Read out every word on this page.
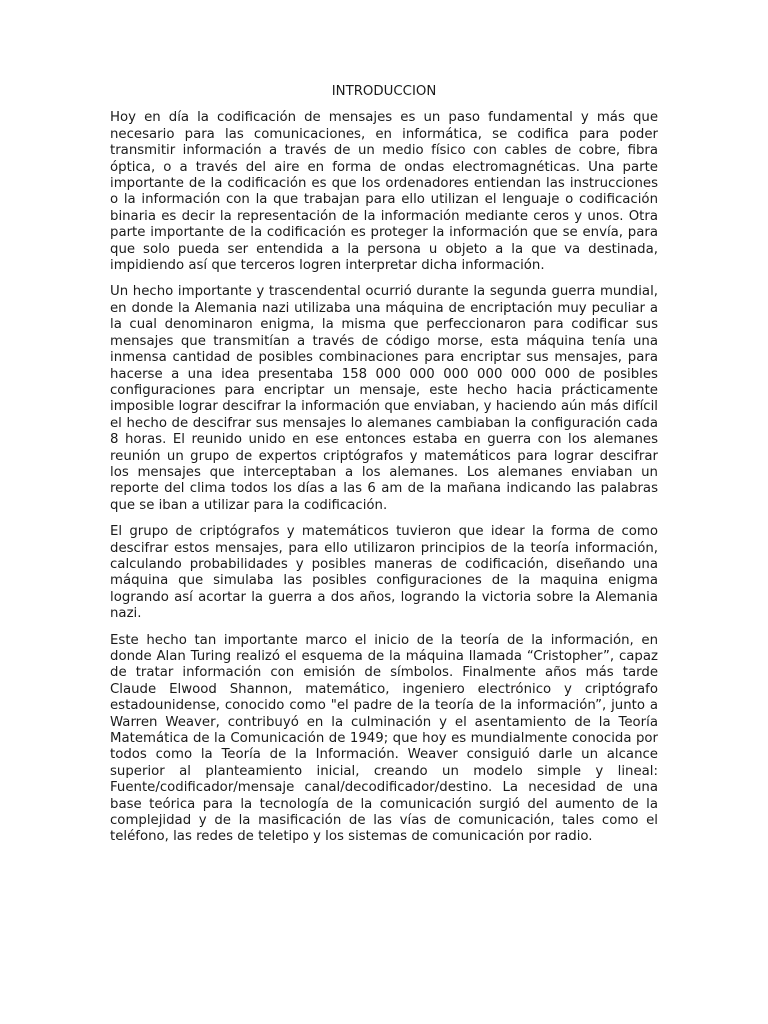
INTRODUCCION

Hoy en día la codificación de mensajes es un paso fundamental y más que necesario para las comunicaciones, en informática, se codifica para poder transmitir información a través de un medio físico con cables de cobre, fibra óptica, o a través del aire en forma de ondas electromagnéticas. Una parte importante de la codificación es que los ordenadores entiendan las instrucciones o la información con la que trabajan para ello utilizan el lenguaje o codificación binaria es decir la representación de la información mediante ceros y unos. Otra parte importante de la codificación es proteger la información que se envía, para que solo pueda ser entendida a la persona u objeto a la que va destinada, impidiendo así que terceros logren interpretar dicha información.

Un hecho importante y trascendental ocurrió durante la segunda guerra mundial, en donde la Alemania nazi utilizaba una máquina de encriptación muy peculiar a la cual denominaron enigma, la misma que perfeccionaron para codificar sus mensajes que transmitían a través de código morse, esta máquina tenía una inmensa cantidad de posibles combinaciones para encriptar sus mensajes, para hacerse a una idea presentaba 158 000 000 000 000 000 000 de posibles configuraciones para encriptar un mensaje, este hecho hacia prácticamente imposible lograr descifrar la información que enviaban, y haciendo aún más difícil el hecho de descifrar sus mensajes lo alemanes cambiaban la configuración cada 8 horas. El reunido unido en ese entonces estaba en guerra con los alemanes reunión un grupo de expertos criptógrafos y matemáticos para lograr descifrar los mensajes que interceptaban a los alemanes. Los alemanes enviaban un reporte del clima todos los días a las 6 am de la mañana indicando las palabras que se iban a utilizar para la codificación.

El grupo de criptógrafos y matemáticos tuvieron que idear la forma de como descifrar estos mensajes, para ello utilizaron principios de la teoría información, calculando probabilidades y posibles maneras de codificación, diseñando una máquina que simulaba las posibles configuraciones de la maquina enigma logrando así acortar la guerra a dos años, logrando la victoria sobre la Alemania nazi.

Este hecho tan importante marco el inicio de la teoría de la información, en donde Alan Turing realizó el esquema de la máquina llamada “Cristopher”, capaz de tratar información con emisión de símbolos. Finalmente años más tarde Claude Elwood Shannon, matemático, ingeniero electrónico y criptógrafo estadounidense, conocido como "el padre de la teoría de la información”, junto a Warren Weaver, contribuyó en la culminación y el asentamiento de la Teoría Matemática de la Comunicación de 1949; que hoy es mundialmente conocida por todos como la Teoría de la Información. Weaver consiguió darle un alcance superior al planteamiento inicial, creando un modelo simple y lineal: Fuente/codificador/mensaje canal/decodificador/destino. La necesidad de una base teórica para la tecnología de la comunicación surgió del aumento de la complejidad y de la masificación de las vías de comunicación, tales como el teléfono, las redes de teletipo y los sistemas de comunicación por radio.
